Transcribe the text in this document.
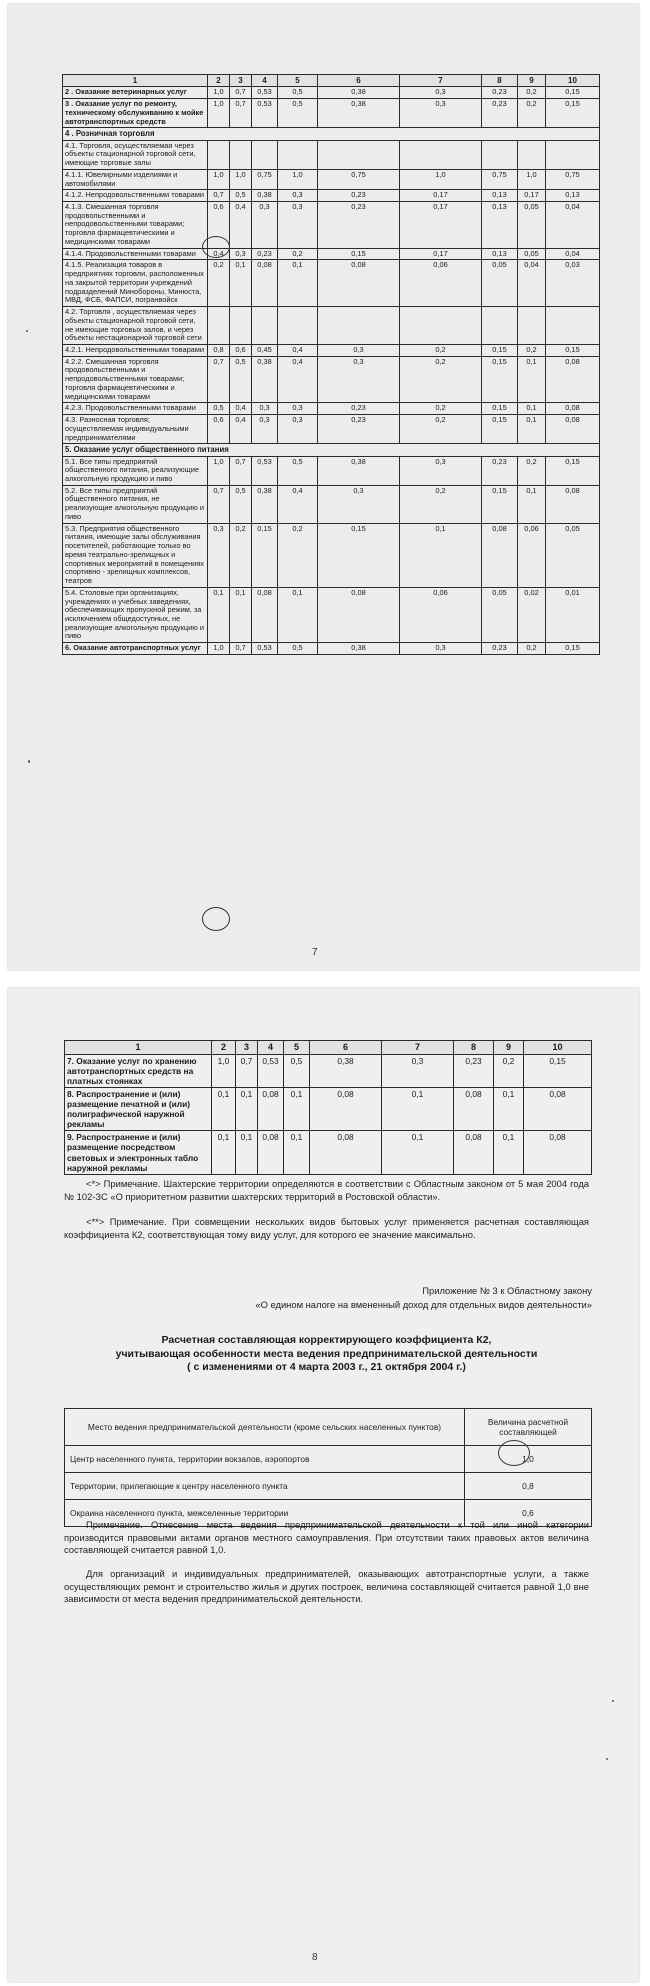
1	2	3	4	5	6	7	8	9	10
2 . Оказание ветеринарных услуг	1,0	0,7	0,53	0,5	0,38	0,3	0,23	0,2	0,15
3 . Оказание услуг по ремонту, техническому обслуживанию к мойке автотранспортных средств	1,0	0,7	0,53	0,5	0,38	0,3	0,23	0,2	0,15
4 . Розничная торговля									
4.1. Торговля, осуществляемая через объекты стационарной торговой сети, имеющие торговые залы									
4.1.1. Ювелирными изделиями и автомобилями	1,0	1,0	0,75	1,0	0,75	1,0	0,75	1,0	0,75
4.1.2. Непродовольственными товарами	0,7	0,5	0,38	0,3	0,23	0,17	0,13	0,17	0,13
4.1.3. Смешанная торговля продовольственными и непродовольственными товарами; торговля фармацевтическими и медицинскими товарами	0,6	0,4	0,3	0,3	0,23	0,17	0,13	0,05	0,04
4.1.4. Продовольственными товарами	0,4	0,3	0,23	0,2	0,15	0,17	0,13	0,05	0,04
4.1.5. Реализация товаров в предприятиях торговли, расположенных на закрытой территории учреждений подразделений Минобороны, Минюста, МВД, ФСБ, ФАПСИ, погранвойск	0,2	0,1	0,08	0,1	0,08	0,06	0,05	0,04	0,03
4.2. Торговля , осуществляемая через объекты стационарной торговой сети, не имеющие торговых залов, и через объекты нестационарной торговой сети									
4.2.1. Непродовольственными товарами	0,8	0,6	0,45	0,4	0,3	0,2	0,15	0,2	0,15
4.2.2. Смешанная торговля продовольственными и непродовольственными товарами; торговля фармацевтическими и медицинскими товарами	0,7	0,5	0,38	0,4	0,3	0,2	0,15	0,1	0,08
4.2.3. Продовольственными товарами	0,5	0,4	0,3	0,3	0,23	0,2	0,15	0,1	0,08
4.3. Разносная торговля; осуществляемая индивидуальными предпринимателями	0,6	0,4	0,3	0,3	0,23	0,2	0,15	0,1	0,08
5. Оказание услуг общественного питания									
5.1. Все типы предприятий общественного питания, реализующие алкогольную продукцию и пиво	1,0	0,7	0,53	0,5	0,38	0,3	0,23	0,2	0,15
5.2. Все типы предприятий общественного питания, не реализующие алкогольную продукцию и пиво	0,7	0,5	0,38	0,4	0,3	0,2	0,15	0,1	0,08
5.3. Предприятия общественного питания, имеющие залы обслуживания посетителей, работающие только во время театрально-зрелищных и спортивных мероприятий в помещениях спортивно - зрелищных комплексов, театров	0,3	0,2	0,15	0,2	0,15	0,1	0,08	0,06	0,05
5.4. Столовые при организациях, учреждениях и учебных заведениях, обеспечивающих пропускной режим, за исключением общедоступных, не реализующие алкогольную продукцию и пиво	0,1	0,1	0,08	0,1	0,08	0,06	0,05	0,02	0,01
6. Оказание автотранспортных услуг	1,0	0,7	0,53	0,5	0,38	0,3	0,23	0,2	0,15
7
1	2	3	4	5	6	7	8	9	10
7. Оказание услуг по хранению автотранспортных средств на платных стоянках	1,0	0,7	0,53	0,5	0,38	0,3	0,23	0,2	0,15
8. Распространение и (или) размещение печатной и (или) полиграфической наружной рекламы	0,1	0,1	0,08	0,1	0,08	0,1	0,08	0,1	0,08
9. Распространение и (или) размещение посредством световых и электронных табло наружной рекламы	0,1	0,1	0,08	0,1	0,08	0,1	0,08	0,1	0,08
<*> Примечание. Шахтерские территории определяются в соответствии с Областным законом от 5 мая 2004 года № 102-ЗС «О приоритетном развитии шахтерских территорий в Ростовской области».
<**> Примечание. При совмещении нескольких видов бытовых услуг применяется расчетная составляющая коэффициента К2, соответствующая тому виду услуг, для которого ее значение максимально.
Приложение № 3 к Областному закону
«О едином налоге на вмененный доход для отдельных видов деятельности»
Расчетная составляющая корректирующего коэффициента К2,
учитывающая особенности места ведения предпринимательской деятельности
( с изменениями от 4 марта 2003 г., 21 октября 2004 г.)
Место ведения предпринимательской деятельности (кроме сельских населенных пунктов)	Величина расчетной составляющей
Центр населенного пункта, территории вокзалов, аэропортов	1,0
Территории, прилегающие к центру населенного пункта	0,8
Окраина населенного пункта, межселенные территории	0,6
Примечание. Отнесение места ведения предпринимательской деятельности к той или иной категории производится правовыми актами органов местного самоуправления. При отсутствии таких правовых актов величина составляющей считается равной 1,0.
Для организаций и индивидуальных предпринимателей, оказывающих автотранспортные услуги, а также осуществляющих ремонт и строительство жилья и других построек, величина составляющей считается равной 1,0 вне зависимости от места ведения предпринимательской деятельности.
8
